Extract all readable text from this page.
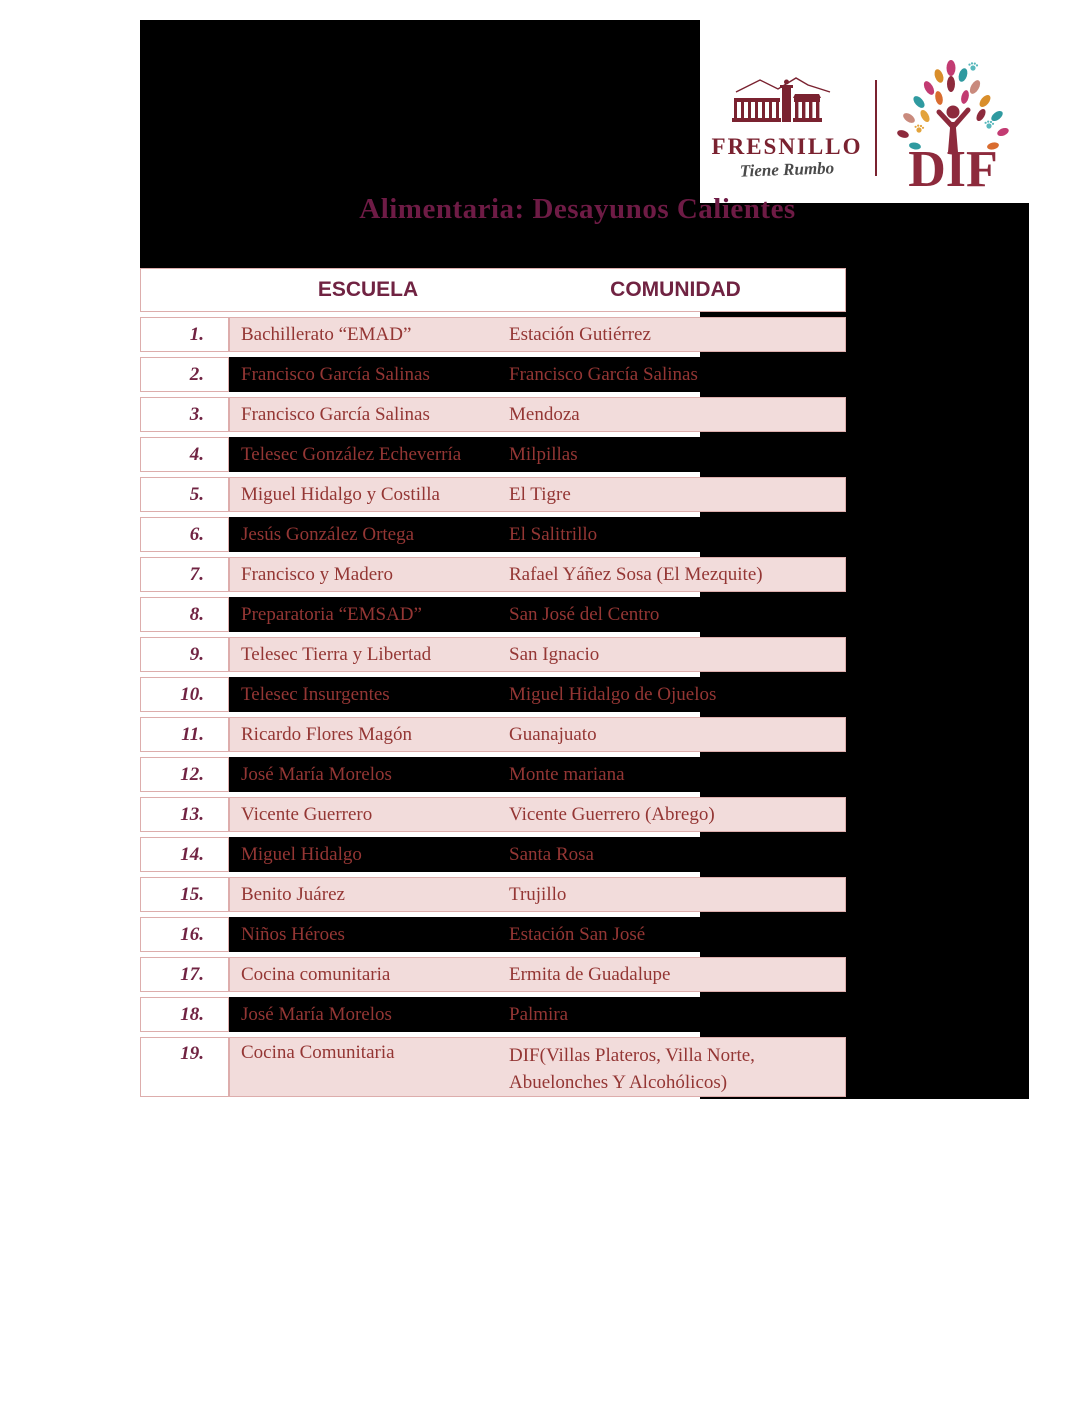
FRESNILLO
Tiene Rumbo	DIF
Alimentaria: Desayunos Calientes
ESCUELA	COMUNIDAD
1.	Bachillerato “EMAD”	Estación Gutiérrez
2.	Francisco García Salinas	Francisco García Salinas
3.	Francisco García Salinas	Mendoza
4.	Telesec González Echeverría	Milpillas
5.	Miguel Hidalgo y Costilla	El Tigre
6.	Jesús González Ortega	El Salitrillo
7.	Francisco y Madero	Rafael Yáñez Sosa (El Mezquite)
8.	Preparatoria “EMSAD”	San José del Centro
9.	Telesec Tierra y Libertad	San Ignacio
10.	Telesec Insurgentes	Miguel Hidalgo de Ojuelos
11.	Ricardo Flores Magón	Guanajuato
12.	José María Morelos	Monte mariana
13.	Vicente Guerrero	Vicente Guerrero (Abrego)
14.	Miguel Hidalgo	Santa Rosa
15.	Benito Juárez	Trujillo
16.	Niños Héroes	Estación San José
17.	Cocina comunitaria	Ermita de Guadalupe
18.	José María Morelos	Palmira
19.	Cocina Comunitaria	DIF(Villas Plateros, Villa Norte, Abuelonches Y Alcohólicos)
